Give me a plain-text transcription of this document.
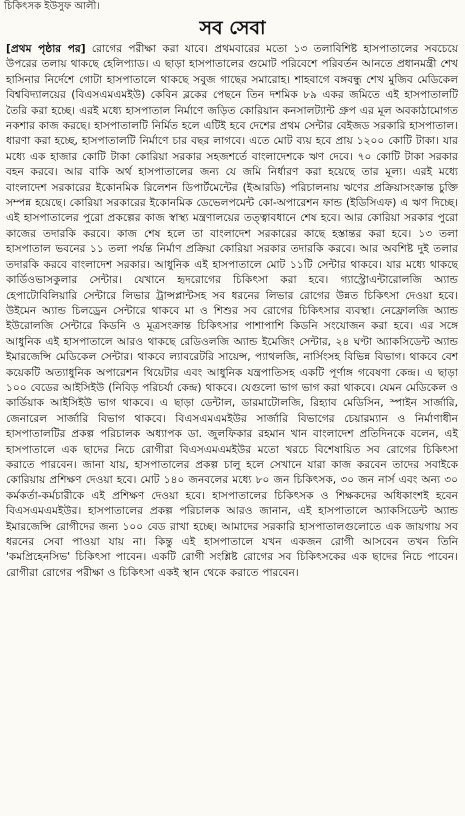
চিকিৎসক ইউসুফ আলী।
সব সেবা
[প্রথম পৃষ্ঠার পর] রোগের পরীক্ষা করা যাবে। প্রথমবারের মতো ১৩ তলাবিশিষ্ট হাসপাতালের সবচেয়ে উপরের তলায় থাকছে হেলিপ্যাড। এ ছাড়া হাসপাতালের গুমোট পরিবেশে পরিবর্তন আনতে প্রধানমন্ত্রী শেখ হাসিনার নির্দেশে গোটা হাসপাতালে থাকছে সবুজ গাছের সমারোহ। শাহবাগে বঙ্গবন্ধু শেখ মুজিব মেডিকেল বিশ্ববিদ্যালয়ের (বিএসএমএমইউ) কেবিন ব্লকের পেছনে তিন দশমিক ৮৯ একর জমিতে এই হাসপাতালটি তৈরি করা হচ্ছে। এরই মধ্যে হাসপাতাল নির্মাণে জড়িত কোরিয়ান কনসালট্যান্ট গ্রুপ এর মূল অবকাঠামোগত নকশার কাজ করছে। হাসপাতালটি নির্মিত হলে এটিই হবে দেশের প্রথম সেন্টার বেইজড সরকারি হাসপাতাল। ধারণা করা হচ্ছে, হাসপাতালটি নির্মাণে চার বছর লাগবে। এতে মোট ব্যয় হবে প্রায় ১২০০ কোটি টাকা। যার মধ্যে এক হাজার কোটি টাকা কোরিয়া সরকার সহজশর্তে বাংলাদেশকে ঋণ দেবে। ৭০ কোটি টাকা সরকার বহন করবে। আর বাকি অর্থ হাসপাতালের জন্য যে জমি নির্ধারণ করা হয়েছে তার মূল্য। এরই মধ্যে বাংলাদেশ সরকারের ইকোনমিক রিলেশন ডিপার্টমেন্টের (ইআরডি) পরিচালনায় ঋণের প্রক্রিয়াসংক্রান্ত চুক্তি সম্পন্ন হয়েছে। কোরিয়া সরকারের ইকোনমিক ডেভেলপমেন্ট কো-অপারেশন ফান্ড (ইডিসিএফ) এ ঋণ দিচ্ছে। এই হাসপাতালের পুরো প্রকল্পের কাজ স্বাস্থ্য মন্ত্রণালয়ের তত্ত্বাবধানে শেষ হবে। আর কোরিয়া সরকার পুরো কাজের তদারকি করবে। কাজ শেষ হলে তা বাংলাদেশ সরকারের কাছে হস্তান্তর করা হবে। ১৩ তলা হাসপাতাল ভবনের ১১ তলা পর্যন্ত নির্মাণ প্রক্রিয়া কোরিয়া সরকার তদারকি করবে। আর অবশিষ্ট দুই তলার তদারকি করবে বাংলাদেশ সরকার। আধুনিক এই হাসপাতালে মোট ১১টি সেন্টার থাকবে। যার মধ্যে থাকছে কার্ডিওভাসকুলার সেন্টার। যেখানে হৃদরোগের চিকিৎসা করা হবে। গ্যাস্ট্রোএন্টারোলজি অ্যান্ড হেপাটোবিলিয়ারি সেন্টারে লিভার ট্রান্সপ্লান্টসহ সব ধরনের লিভার রোগের উন্নত চিকিৎসা দেওয়া হবে। উইমেন অ্যান্ড চিলড্রেন সেন্টারে থাকবে মা ও শিশুর সব রোগের চিকিৎসার ব্যবস্থা। নেফ্রোলজি অ্যান্ড ইউরোলজি সেন্টারে কিডনি ও মূত্রসংক্রান্ত চিকিৎসার পাশাপাশি কিডনি সংযোজন করা হবে। এর সঙ্গে আধুনিক এই হাসপাতালে আরও থাকছে রেডিওলজি অ্যান্ড ইমেজিং সেন্টার, ২৪ ঘণ্টা অ্যাকসিডেন্ট অ্যান্ড ইমারজেন্সি মেডিকেল সেন্টার। থাকবে ল্যাবরেটরি সায়েন্স, প্যাথলজি, নার্সিংসহ বিভিন্ন বিভাগ। থাকবে বেশ কয়েকটি অত্যাধুনিক অপারেশন থিয়েটার এবং আধুনিক যন্ত্রপাতিসহ একটি পূর্ণাঙ্গ গবেষণা কেন্দ্র। এ ছাড়া ১০০ বেডের আইসিইউ (নিবিড় পরিচর্যা কেন্দ্র) থাকবে। যেগুলো ভাগ ভাগ করা থাকবে। যেমন মেডিকেল ও কার্ডিয়াক আইসিইউ ভাগ থাকবে। এ ছাড়া ডেন্টাল, ডারমাটোলজি, রিহ্যাব মেডিসিন, স্পাইন সার্জারি, জেনারেল সার্জারি বিভাগ থাকবে। বিএসএমএমইউর সার্জারি বিভাগের চেয়ারম্যান ও নির্মাণাধীন হাসপাতালটির প্রকল্প পরিচালক অধ্যাপক ডা. জুলফিকার রহমান খান বাংলাদেশ প্রতিদিনকে বলেন, এই হাসপাতালে এক ছাদের নিচে রোগীরা বিএসএমএমইউর মতো খরচে বিশেষায়িত সব রোগের চিকিৎসা করাতে পারবেন। জানা যায়, হাসপাতালের প্রকল্প চালু হলে সেখানে যারা কাজ করবেন তাদের সবাইকে কোরিয়ায় প্রশিক্ষণ দেওয়া হবে। মোট ১৪০ জনবলের মধ্যে ৮০ জন চিকিৎসক, ৩০ জন নার্স এবং অন্য ৩০ কর্মকর্তা-কর্মচারীকে এই প্রশিক্ষণ দেওয়া হবে। হাসপাতালের চিকিৎসক ও শিক্ষকদের অধিকাংশই হবেন বিএসএমএমইউর। হাসপাতালের প্রকল্প পরিচালক আরও জানান, এই হাসপাতালে অ্যাকসিডেন্ট অ্যান্ড ইমারজেন্সি রোগীদের জন্য ১০০ বেড রাখা হচ্ছে। আমাদের সরকারি হাসপাতালগুলোতে এক জায়গায় সব ধরনের সেবা পাওয়া যায় না। কিন্তু এই হাসপাতালে যখন একজন রোগী আসবেন তখন তিনি 'কমপ্রিহেনসিভ' চিকিৎসা পাবেন। একটি রোগী সংশ্লিষ্ট রোগের সব চিকিৎসকের এক ছাদের নিচে পাবেন। রোগীরা রোগের পরীক্ষা ও চিকিৎসা একই স্থান থেকে করাতে পারবেন।
